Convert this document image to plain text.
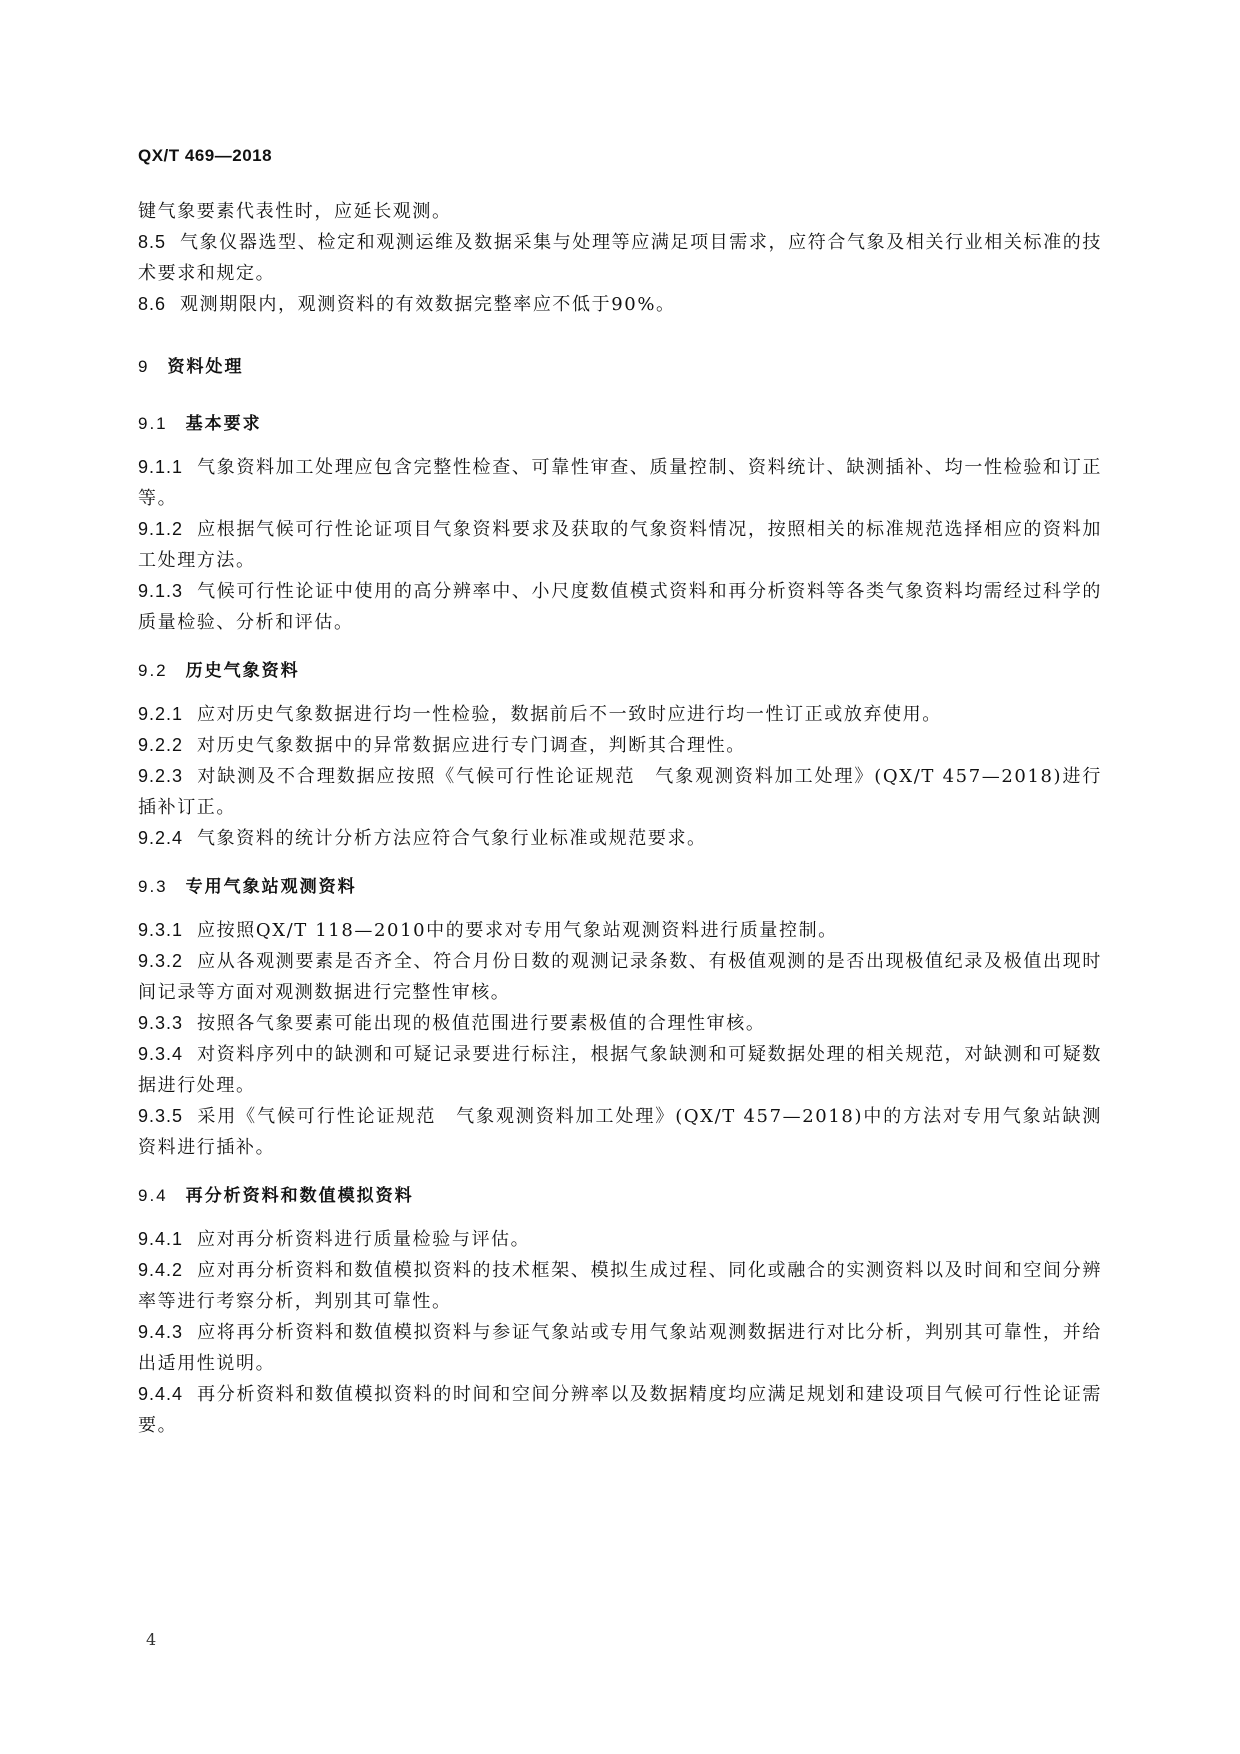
QX/T 469—2018

键气象要素代表性时，应延长观测。

8.5 气象仪器选型、检定和观测运维及数据采集与处理等应满足项目需求，应符合气象及相关行业相关标准的技术要求和规定。

8.6 观测期限内，观测资料的有效数据完整率应不低于90%。

9 资料处理
9.1 基本要求

9.1.1 气象资料加工处理应包含完整性检查、可靠性审查、质量控制、资料统计、缺测插补、均一性检验和订正等。

9.1.2 应根据气候可行性论证项目气象资料要求及获取的气象资料情况，按照相关的标准规范选择相应的资料加工处理方法。

9.1.3 气候可行性论证中使用的高分辨率中、小尺度数值模式资料和再分析资料等各类气象资料均需经过科学的质量检验、分析和评估。

9.2 历史气象资料

9.2.1 应对历史气象数据进行均一性检验，数据前后不一致时应进行均一性订正或放弃使用。

9.2.2 对历史气象数据中的异常数据应进行专门调查，判断其合理性。

9.2.3 对缺测及不合理数据应按照《气候可行性论证规范　气象观测资料加工处理》(QX/T 457—2018)进行插补订正。

9.2.4 气象资料的统计分析方法应符合气象行业标准或规范要求。

9.3 专用气象站观测资料

9.3.1 应按照QX/T 118—2010中的要求对专用气象站观测资料进行质量控制。

9.3.2 应从各观测要素是否齐全、符合月份日数的观测记录条数、有极值观测的是否出现极值纪录及极值出现时间记录等方面对观测数据进行完整性审核。

9.3.3 按照各气象要素可能出现的极值范围进行要素极值的合理性审核。

9.3.4 对资料序列中的缺测和可疑记录要进行标注，根据气象缺测和可疑数据处理的相关规范，对缺测和可疑数据进行处理。

9.3.5 采用《气候可行性论证规范　气象观测资料加工处理》(QX/T 457—2018)中的方法对专用气象站缺测资料进行插补。

9.4 再分析资料和数值模拟资料

9.4.1 应对再分析资料进行质量检验与评估。

9.4.2 应对再分析资料和数值模拟资料的技术框架、模拟生成过程、同化或融合的实测资料以及时间和空间分辨率等进行考察分析，判别其可靠性。

9.4.3 应将再分析资料和数值模拟资料与参证气象站或专用气象站观测数据进行对比分析，判别其可靠性，并给出适用性说明。

9.4.4 再分析资料和数值模拟资料的时间和空间分辨率以及数据精度均应满足规划和建设项目气候可行性论证需要。

4
